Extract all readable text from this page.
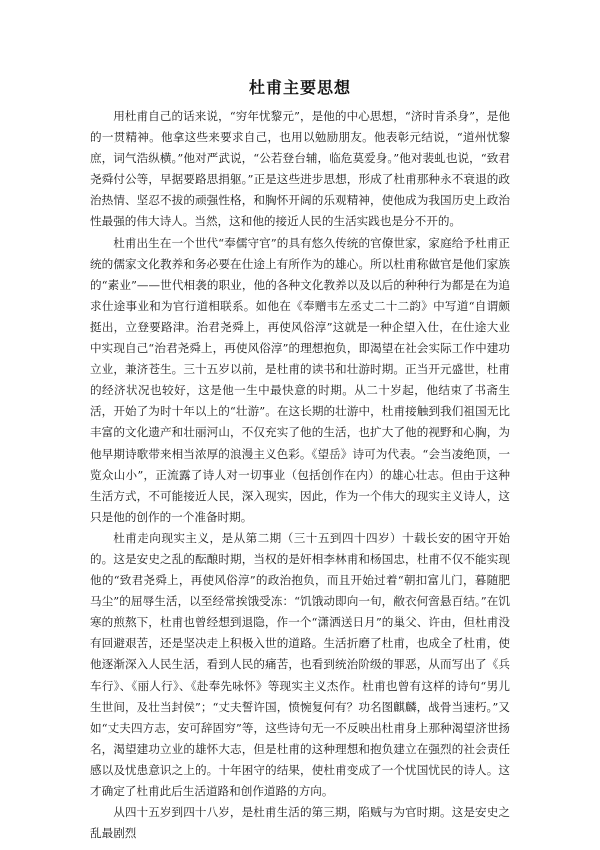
杜甫主要思想

用杜甫自己的话来说，“穷年忧黎元”，是他的中心思想，“济时肯杀身”，是他的一贯精神。他拿这些来要求自己，也用以勉励朋友。他表彰元结说，“道州忧黎庶，词气浩纵横。”他对严武说，“公若登台辅，临危莫爱身。”他对裴虬也说，“致君尧舜付公等，早据要路思捐躯。”正是这些进步思想，形成了杜甫那种永不衰退的政治热情、坚忍不拔的顽强性格，和胸怀开阔的乐观精神，使他成为我国历史上政治性最强的伟大诗人。当然，这和他的接近人民的生活实践也是分不开的。

杜甫出生在一个世代“奉儒守官”的具有悠久传统的官僚世家，家庭给予杜甫正统的儒家文化教养和务必要在仕途上有所作为的雄心。所以杜甫称做官是他们家族的“素业”——世代相袭的职业，他的各种文化教养以及以后的种种行为都是在为追求仕途事业和为官行道相联系。如他在《奉赠韦左丞丈二十二韵》中写道“自谓颇挺出，立登要路津。治君尧舜上，再使风俗淳”这就是一种企望入仕，在仕途大业中实现自己“治君尧舜上，再使风俗淳”的理想抱负，即渴望在社会实际工作中建功立业，兼济苍生。三十五岁以前，是杜甫的读书和壮游时期。正当开元盛世，杜甫的经济状况也较好，这是他一生中最快意的时期。从二十岁起，他结束了书斋生活，开始了为时十年以上的“壮游”。在这长期的壮游中，杜甫接触到我们祖国无比丰富的文化遗产和壮丽河山，不仅充实了他的生活，也扩大了他的视野和心胸，为他早期诗歌带来相当浓厚的浪漫主义色彩。《望岳》诗可为代表。“会当凌绝顶，一览众山小”，正流露了诗人对一切事业（包括创作在内）的雄心壮志。但由于这种生活方式，不可能接近人民，深入现实，因此，作为一个伟大的现实主义诗人，这只是他的创作的一个准备时期。

杜甫走向现实主义，是从第二期（三十五到四十四岁）十载长安的困守开始的。这是安史之乱的酝酿时期，当权的是奸相李林甫和杨国忠，杜甫不仅不能实现他的“致君尧舜上，再使风俗淳”的政治抱负，而且开始过着“朝扣富儿门，暮随肥马尘”的屈辱生活，以至经常挨饿受冻：“饥饿动即向一旬，敝衣何啻悬百结。”在饥寒的煎熬下，杜甫也曾经想到退隐，作一个“潇洒送日月”的巢父、许由，但杜甫没有回避艰苦，还是坚决走上积极入世的道路。生活折磨了杜甫，也成全了杜甫，使他逐渐深入人民生活，看到人民的痛苦，也看到统治阶级的罪恶，从而写出了《兵车行》、《丽人行》、《赴奉先咏怀》等现实主义杰作。杜甫也曾有这样的诗句“男儿生世间，及壮当封侯”；“丈夫誓许国，愤惋复何有？功名图麒麟，战骨当速朽。”又如“丈夫四方志，安可辞固穷”等，这些诗句无一不反映出杜甫身上那种渴望济世扬名，渴望建功立业的雄怀大志，但是杜甫的这种理想和抱负建立在强烈的社会责任感以及忧患意识之上的。十年困守的结果，使杜甫变成了一个忧国忧民的诗人。这才确定了杜甫此后生活道路和创作道路的方向。

从四十五岁到四十八岁，是杜甫生活的第三期，陷贼与为官时期。这是安史之乱最剧烈
